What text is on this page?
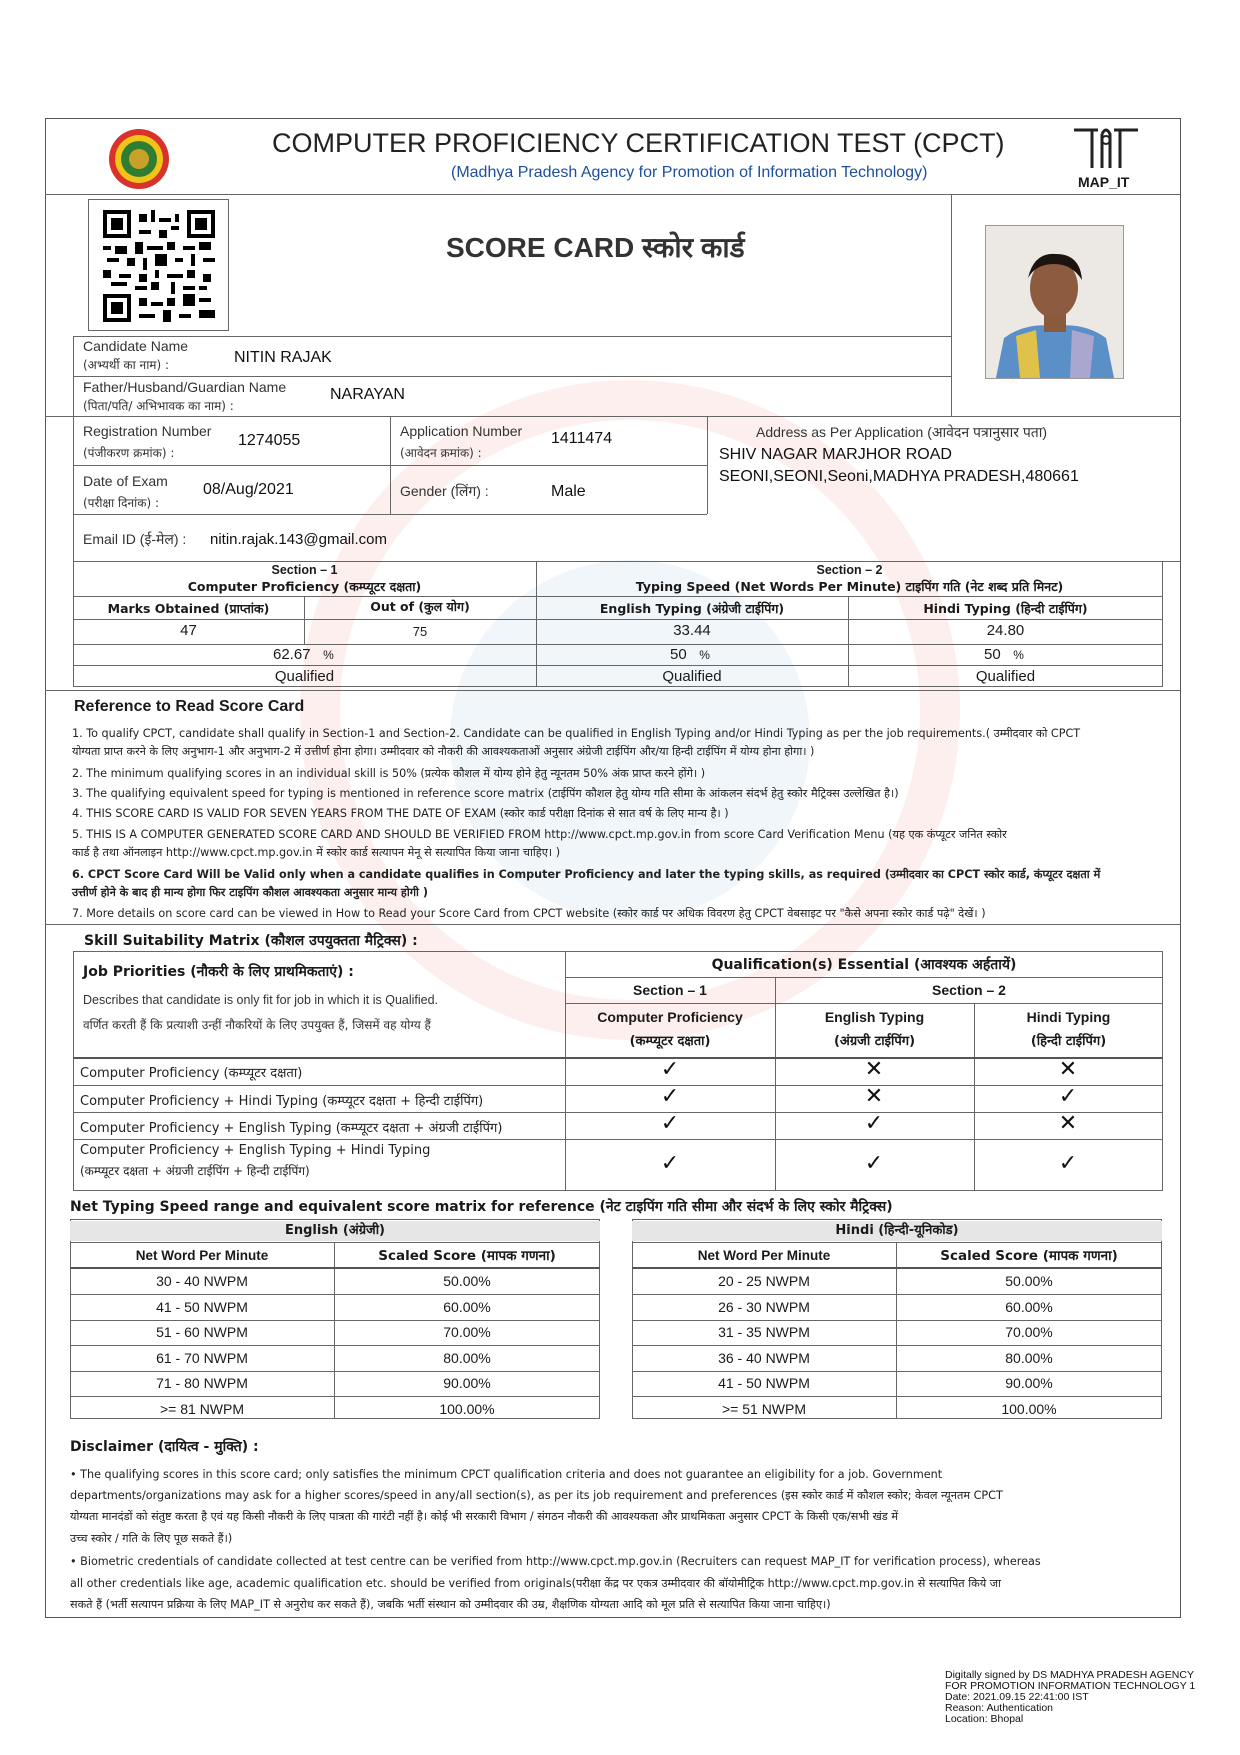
COMPUTER PROFICIENCY CERTIFICATION TEST (CPCT)
(Madhya Pradesh Agency for Promotion of Information Technology)
MAP_IT
SCORE CARD स्कोर कार्ड
Candidate Name
(अभ्यर्थी का नाम) :	NITIN RAJAK
Father/Husband/Guardian Name
(पिता/पति/ अभिभावक का नाम) :
NARAYAN
Registration Number
(पंजीकरण क्रमांक) :
1274055
Application Number
(आवेदन क्रमांक) :
1411474	Address as Per Application (आवेदन पत्रानुसार पता)
SHIV NAGAR MARJHOR ROAD
SEONI,SEONI,Seoni,MADHYA PRADESH,480661
Date of Exam
(परीक्षा दिनांक) :
08/Aug/2021	Gender (लिंग) :	Male
Email ID (ई-मेल) : nitin.rajak.143@gmail.com
Section – 1
Computer Proficiency (कम्प्यूटर दक्षता)
Section – 2
Typing Speed (Net Words Per Minute) टाइपिंग गति (नेट शब्द प्रति मिनट)
Marks Obtained (प्राप्तांक)	Out of (कुल योग)	English Typing (अंग्रेजी टाईपिंग)	Hindi Typing (हिन्दी टाईपिंग)
47	75	33.44	24.80
62.67 %	50 %	50 %
Qualified	Qualified	Qualified
Reference to Read Score Card
1. To qualify CPCT, candidate shall qualify in Section-1 and Section-2. Candidate can be qualified in English Typing and/or Hindi Typing as per the job requirements.( उम्मीदवार को CPCT
योग्यता प्राप्त करने के लिए अनुभाग-1 और अनुभाग-2 में उत्तीर्ण होना होगा। उम्मीदवार को नौकरी की आवश्यकताओं अनुसार अंग्रेजी टाईपिंग और/या हिन्दी टाईपिंग में योग्य होना होगा। )
2. The minimum qualifying scores in an individual skill is 50% (प्रत्येक कौशल में योग्य होने हेतु न्यूनतम 50% अंक प्राप्त करने होंगे। )
3. The qualifying equivalent speed for typing is mentioned in reference score matrix (टाईपिंग कौशल हेतु योग्य गति सीमा के आंकलन संदर्भ हेतु स्कोर मैट्रिक्स उल्लेखित है।)
4. THIS SCORE CARD IS VALID FOR SEVEN YEARS FROM THE DATE OF EXAM (स्कोर कार्ड परीक्षा दिनांक से सात वर्ष के लिए मान्य है। )
5. THIS IS A COMPUTER GENERATED SCORE CARD AND SHOULD BE VERIFIED FROM http://www.cpct.mp.gov.in from score Card Verification Menu (यह एक कंप्यूटर जनित स्कोर
कार्ड है तथा ऑनलाइन http://www.cpct.mp.gov.in में स्कोर कार्ड सत्यापन मेनू से सत्यापित किया जाना चाहिए। )
6. CPCT Score Card Will be Valid only when a candidate qualifies in Computer Proficiency and later the typing skills, as required (उम्मीदवार का CPCT स्कोर कार्ड, कंप्यूटर दक्षता में
उत्तीर्ण होने के बाद ही मान्य होगा फिर टाइपिंग कौशल आवश्यकता अनुसार मान्य होगी )
7. More details on score card can be viewed in How to Read your Score Card from CPCT website (स्कोर कार्ड पर अधिक विवरण हेतु CPCT वेबसाइट पर "कैसे अपना स्कोर कार्ड पढ़े" देखें। )
Skill Suitability Matrix (कौशल उपयुक्तता मैट्रिक्स) :
Job Priorities (नौकरी के लिए प्राथमिकताएं) :
Describes that candidate is only fit for job in which it is Qualified.
वर्णित करती हैं कि प्रत्याशी उन्हीं नौकरियों के लिए उपयुक्त हैं, जिसमें वह योग्य हैं
Qualification(s) Essential (आवश्यक अर्हतायें)
Section – 1	Section – 2
Computer Proficiency
(कम्प्यूटर दक्षता)
English Typing
(अंग्रजी टाईपिंग)
Hindi Typing
(हिन्दी टाईपिंग)
Computer Proficiency (कम्प्यूटर दक्षता)	✓	✕	✕
Computer Proficiency + Hindi Typing (कम्प्यूटर दक्षता + हिन्दी टाईपिंग)	✓	✕	✓
Computer Proficiency + English Typing (कम्प्यूटर दक्षता + अंग्रजी टाईपिंग)	✓	✓	✕
Computer Proficiency + English Typing + Hindi Typing
(कम्प्यूटर दक्षता + अंग्रजी टाईपिंग + हिन्दी टाईपिंग)	✓	✓	✓
Net Typing Speed range and equivalent score matrix for reference (नेट टाइपिंग गति सीमा और संदर्भ के लिए स्कोर मैट्रिक्स)
English (अंग्रेजी)
Net Word Per Minute	Scaled Score (मापक गणना)
30 - 40 NWPM	50.00%
41 - 50 NWPM	60.00%
51 - 60 NWPM	70.00%
61 - 70 NWPM	80.00%
71 - 80 NWPM	90.00%
>= 81 NWPM	100.00%
Hindi (हिन्दी-यूनिकोड)
Net Word Per Minute	Scaled Score (मापक गणना)
20 - 25 NWPM	50.00%
26 - 30 NWPM	60.00%
31 - 35 NWPM	70.00%
36 - 40 NWPM	80.00%
41 - 50 NWPM	90.00%
>= 51 NWPM	100.00%
Disclaimer (दायित्व - मुक्ति) :
• The qualifying scores in this score card; only satisfies the minimum CPCT qualification criteria and does not guarantee an eligibility for a job. Government
departments/organizations may ask for a higher scores/speed in any/all section(s), as per its job requirement and preferences (इस स्कोर कार्ड में कौशल स्कोर; केवल न्यूनतम CPCT
योग्यता मानदंडों को संतुष्ट करता है एवं यह किसी नौकरी के लिए पात्रता की गारंटी नहीं है। कोई भी सरकारी विभाग / संगठन नौकरी की आवश्यकता और प्राथमिकता अनुसार CPCT के किसी एक/सभी खंड में
उच्च स्कोर / गति के लिए पूछ सकते हैं।)
• Biometric credentials of candidate collected at test centre can be verified from http://www.cpct.mp.gov.in (Recruiters can request MAP_IT for verification process), whereas
all other credentials like age, academic qualification etc. should be verified from originals(परीक्षा केंद्र पर एकत्र उम्मीदवार की बॉयोमीट्रिक http://www.cpct.mp.gov.in से सत्यापित किये जा
सकते हैं (भर्ती सत्यापन प्रक्रिया के लिए MAP_IT से अनुरोध कर सकते हैं), जबकि भर्ती संस्थान को उम्मीदवार की उम्र, शैक्षणिक योग्यता आदि को मूल प्रति से सत्यापित किया जाना चाहिए।)
Digitally signed by DS MADHYA PRADESH AGENCY
FOR PROMOTION INFORMATION TECHNOLOGY 1
Date: 2021.09.15 22:41:00 IST
Reason: Authentication
Location: Bhopal
